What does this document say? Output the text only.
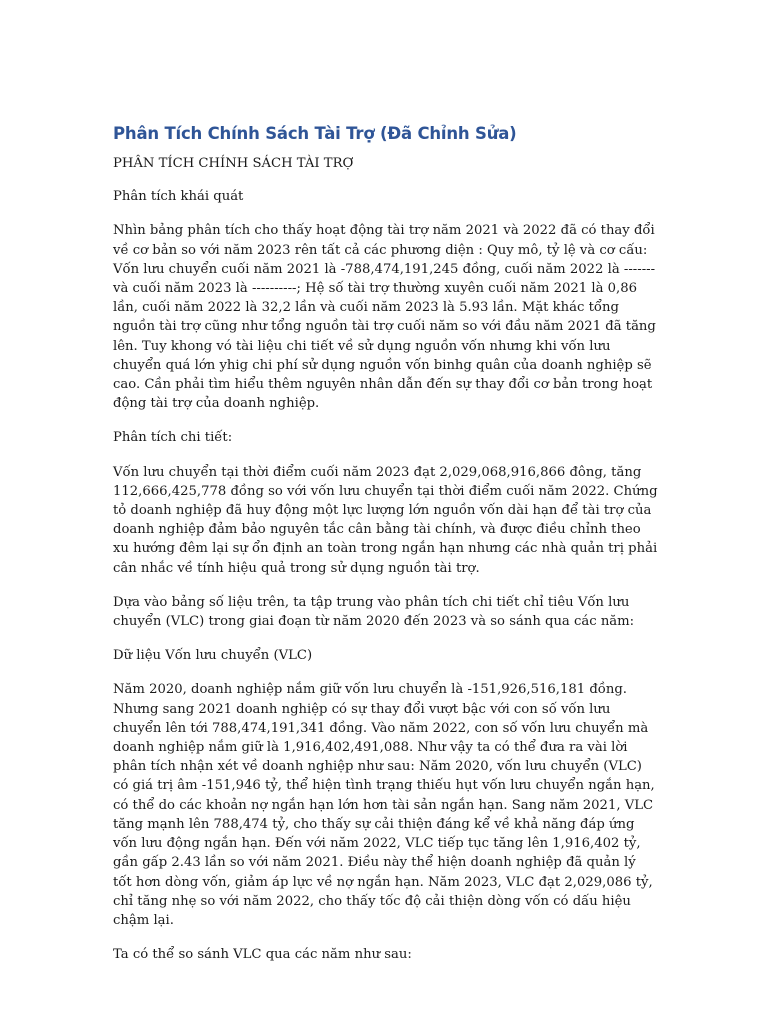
Phân Tích Chính Sách Tài Trợ (Đã Chỉnh Sửa)

PHÂN TÍCH CHÍNH SÁCH TÀI TRỢ

Phân tích khái quát

Nhìn bảng phân tích cho thấy hoạt động tài trợ năm 2021 và 2022 đã có thay đổi về cơ bản so với năm 2023 rên tất cả các phương diện : Quy mô, tỷ lệ và cơ cấu: Vốn lưu chuyển cuối năm 2021 là -788,474,191,245 đồng, cuối năm 2022 là ------- và cuối năm 2023 là ----------; Hệ số tài trợ thường xuyên cuối năm 2021 là 0,86 lần, cuối năm 2022 là 32,2 lần và cuối năm 2023 là 5.93 lần. Mặt khác tổng nguồn tài trợ cũng như tổng nguồn tài trợ cuối năm so với đầu năm 2021 đã tăng lên. Tuy khong vó tài liệu chi tiết về sử dụng nguồn vốn nhưng khi vốn lưu chuyển quá lớn yhig chi phí sử dụng nguồn vốn binhg quân của doanh nghiệp sẽ cao. Cần phải tìm hiểu thêm nguyên nhân dẫn đến sự thay đổi cơ bản trong hoạt động tài trợ của doanh nghiệp.

Phân tích chi tiết:

Vốn lưu chuyển tại thời điểm cuối năm 2023 đạt 2,029,068,916,866 đông, tăng 112,666,425,778 đồng so với vốn lưu chuyển tại thời điểm cuối năm 2022. Chứng tỏ doanh nghiệp đã huy động một lực lượng lớn nguồn vốn dài hạn để tài trợ của doanh nghiệp đảm bảo nguyên tắc cân bằng tài chính, và được điều chỉnh theo xu hướng đêm lại sự ổn định an toàn trong ngắn hạn nhưng các nhà quản trị phải cân nhắc về tính hiệu quả trong sử dụng nguồn tài trợ.

Dựa vào bảng số liệu trên, ta tập trung vào phân tích chi tiết chỉ tiêu Vốn lưu chuyển (VLC) trong giai đoạn từ năm 2020 đến 2023 và so sánh qua các năm:

Dữ liệu Vốn lưu chuyển (VLC)

Năm 2020, doanh nghiệp nắm giữ vốn lưu chuyển là -151,926,516,181 đồng. Nhưng sang 2021 doanh nghiệp có sự thay đổi vượt bậc với con số vốn lưu chuyển lên tới 788,474,191,341 đồng. Vào năm 2022, con số vốn lưu chuyển mà doanh nghiệp nắm giữ là 1,916,402,491,088. Như vậy ta có thể đưa ra vài lời phân tích nhận xét về doanh nghiệp như sau: Năm 2020, vốn lưu chuyển (VLC) có giá trị âm -151,946 tỷ, thể hiện tình trạng thiếu hụt vốn lưu chuyển ngắn hạn, có thể do các khoản nợ ngắn hạn lớn hơn tài sản ngắn hạn. Sang năm 2021, VLC tăng mạnh lên 788,474 tỷ, cho thấy sự cải thiện đáng kể về khả năng đáp ứng vốn lưu động ngắn hạn. Đến với năm 2022, VLC tiếp tục tăng lên 1,916,402 tỷ, gần gấp 2.43 lần so với năm 2021. Điều này thể hiện doanh nghiệp đã quản lý tốt hơn dòng vốn, giảm áp lực về nợ ngắn hạn. Năm 2023, VLC đạt 2,029,086 tỷ, chỉ tăng nhẹ so với năm 2022, cho thấy tốc độ cải thiện dòng vốn có dấu hiệu chậm lại.

Ta có thể so sánh VLC qua các năm như sau:
